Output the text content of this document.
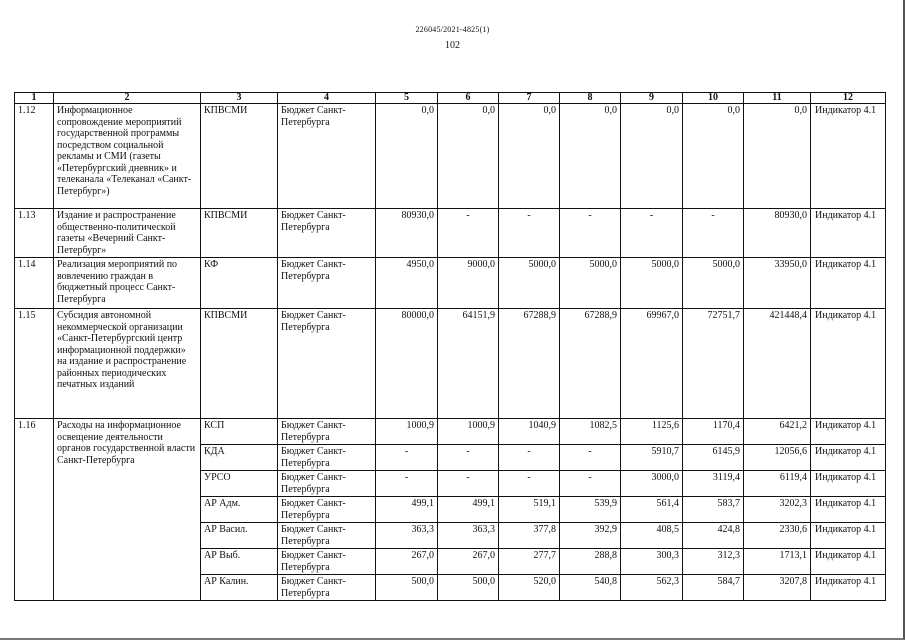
226045/2021-4825(1)
102
1	2	3	4	5	6	7	8	9	10	11	12
1.12	Информационное сопровождение мероприятий государственной программы посредством социальной рекламы и СМИ (газеты «Петербургский дневник» и телеканала «Телеканал «Санкт-Петербург»)	КПВСМИ	Бюджет Санкт-Петербурга	0,0	0,0	0,0	0,0	0,0	0,0	0,0	Индикатор 4.1
1.13	Издание и распространение общественно-политической газеты «Вечерний Санкт-Петербург»	КПВСМИ	Бюджет Санкт-Петербурга	80930,0	-	-	-	-	-	80930,0	Индикатор 4.1
1.14	Реализация мероприятий по вовлечению граждан в бюджетный процесс Санкт-Петербурга	КФ	Бюджет Санкт-Петербурга	4950,0	9000,0	5000,0	5000,0	5000,0	5000,0	33950,0	Индикатор 4.1
1.15	Субсидия автономной некоммерческой организации «Санкт-Петербургский центр информационной поддержки» на издание и распространение районных периодических печатных изданий	КПВСМИ	Бюджет Санкт-Петербурга	80000,0	64151,9	67288,9	67288,9	69967,0	72751,7	421448,4	Индикатор 4.1
1.16	Расходы на информационное освещение деятельности органов государственной власти Санкт-Петербурга	КСП	Бюджет Санкт-Петербурга	1000,9	1000,9	1040,9	1082,5	1125,6	1170,4	6421,2	Индикатор 4.1
		КДА	Бюджет Санкт-Петербурга	-	-	-	-	5910,7	6145,9	12056,6	Индикатор 4.1
		УРСО	Бюджет Санкт-Петербурга	-	-	-	-	3000,0	3119,4	6119,4	Индикатор 4.1
		АР Адм.	Бюджет Санкт-Петербурга	499,1	499,1	519,1	539,9	561,4	583,7	3202,3	Индикатор 4.1
		АР Васил.	Бюджет Санкт-Петербурга	363,3	363,3	377,8	392,9	408,5	424,8	2330,6	Индикатор 4.1
		АР Выб.	Бюджет Санкт-Петербурга	267,0	267,0	277,7	288,8	300,3	312,3	1713,1	Индикатор 4.1
		АР Калин.	Бюджет Санкт-Петербурга	500,0	500,0	520,0	540,8	562,3	584,7	3207,8	Индикатор 4.1
